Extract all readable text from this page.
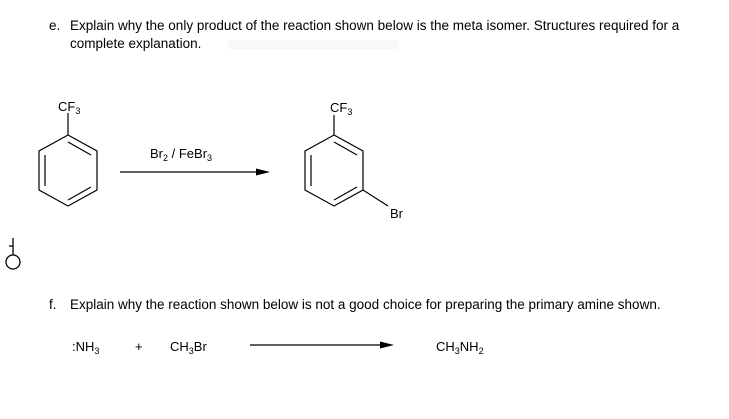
e. Explain why the only product of the reaction shown below is the meta isomer. Structures required for a
complete explanation.
$CF_3$
$Br_2$ / FeBr$_3$
$CF_3$
Br
f. Explain why the reaction shown below is not a good choice for preparing the primary amine shown.
$:NH_3$	+ $CH_3Br$	$CH_3NH_2$
